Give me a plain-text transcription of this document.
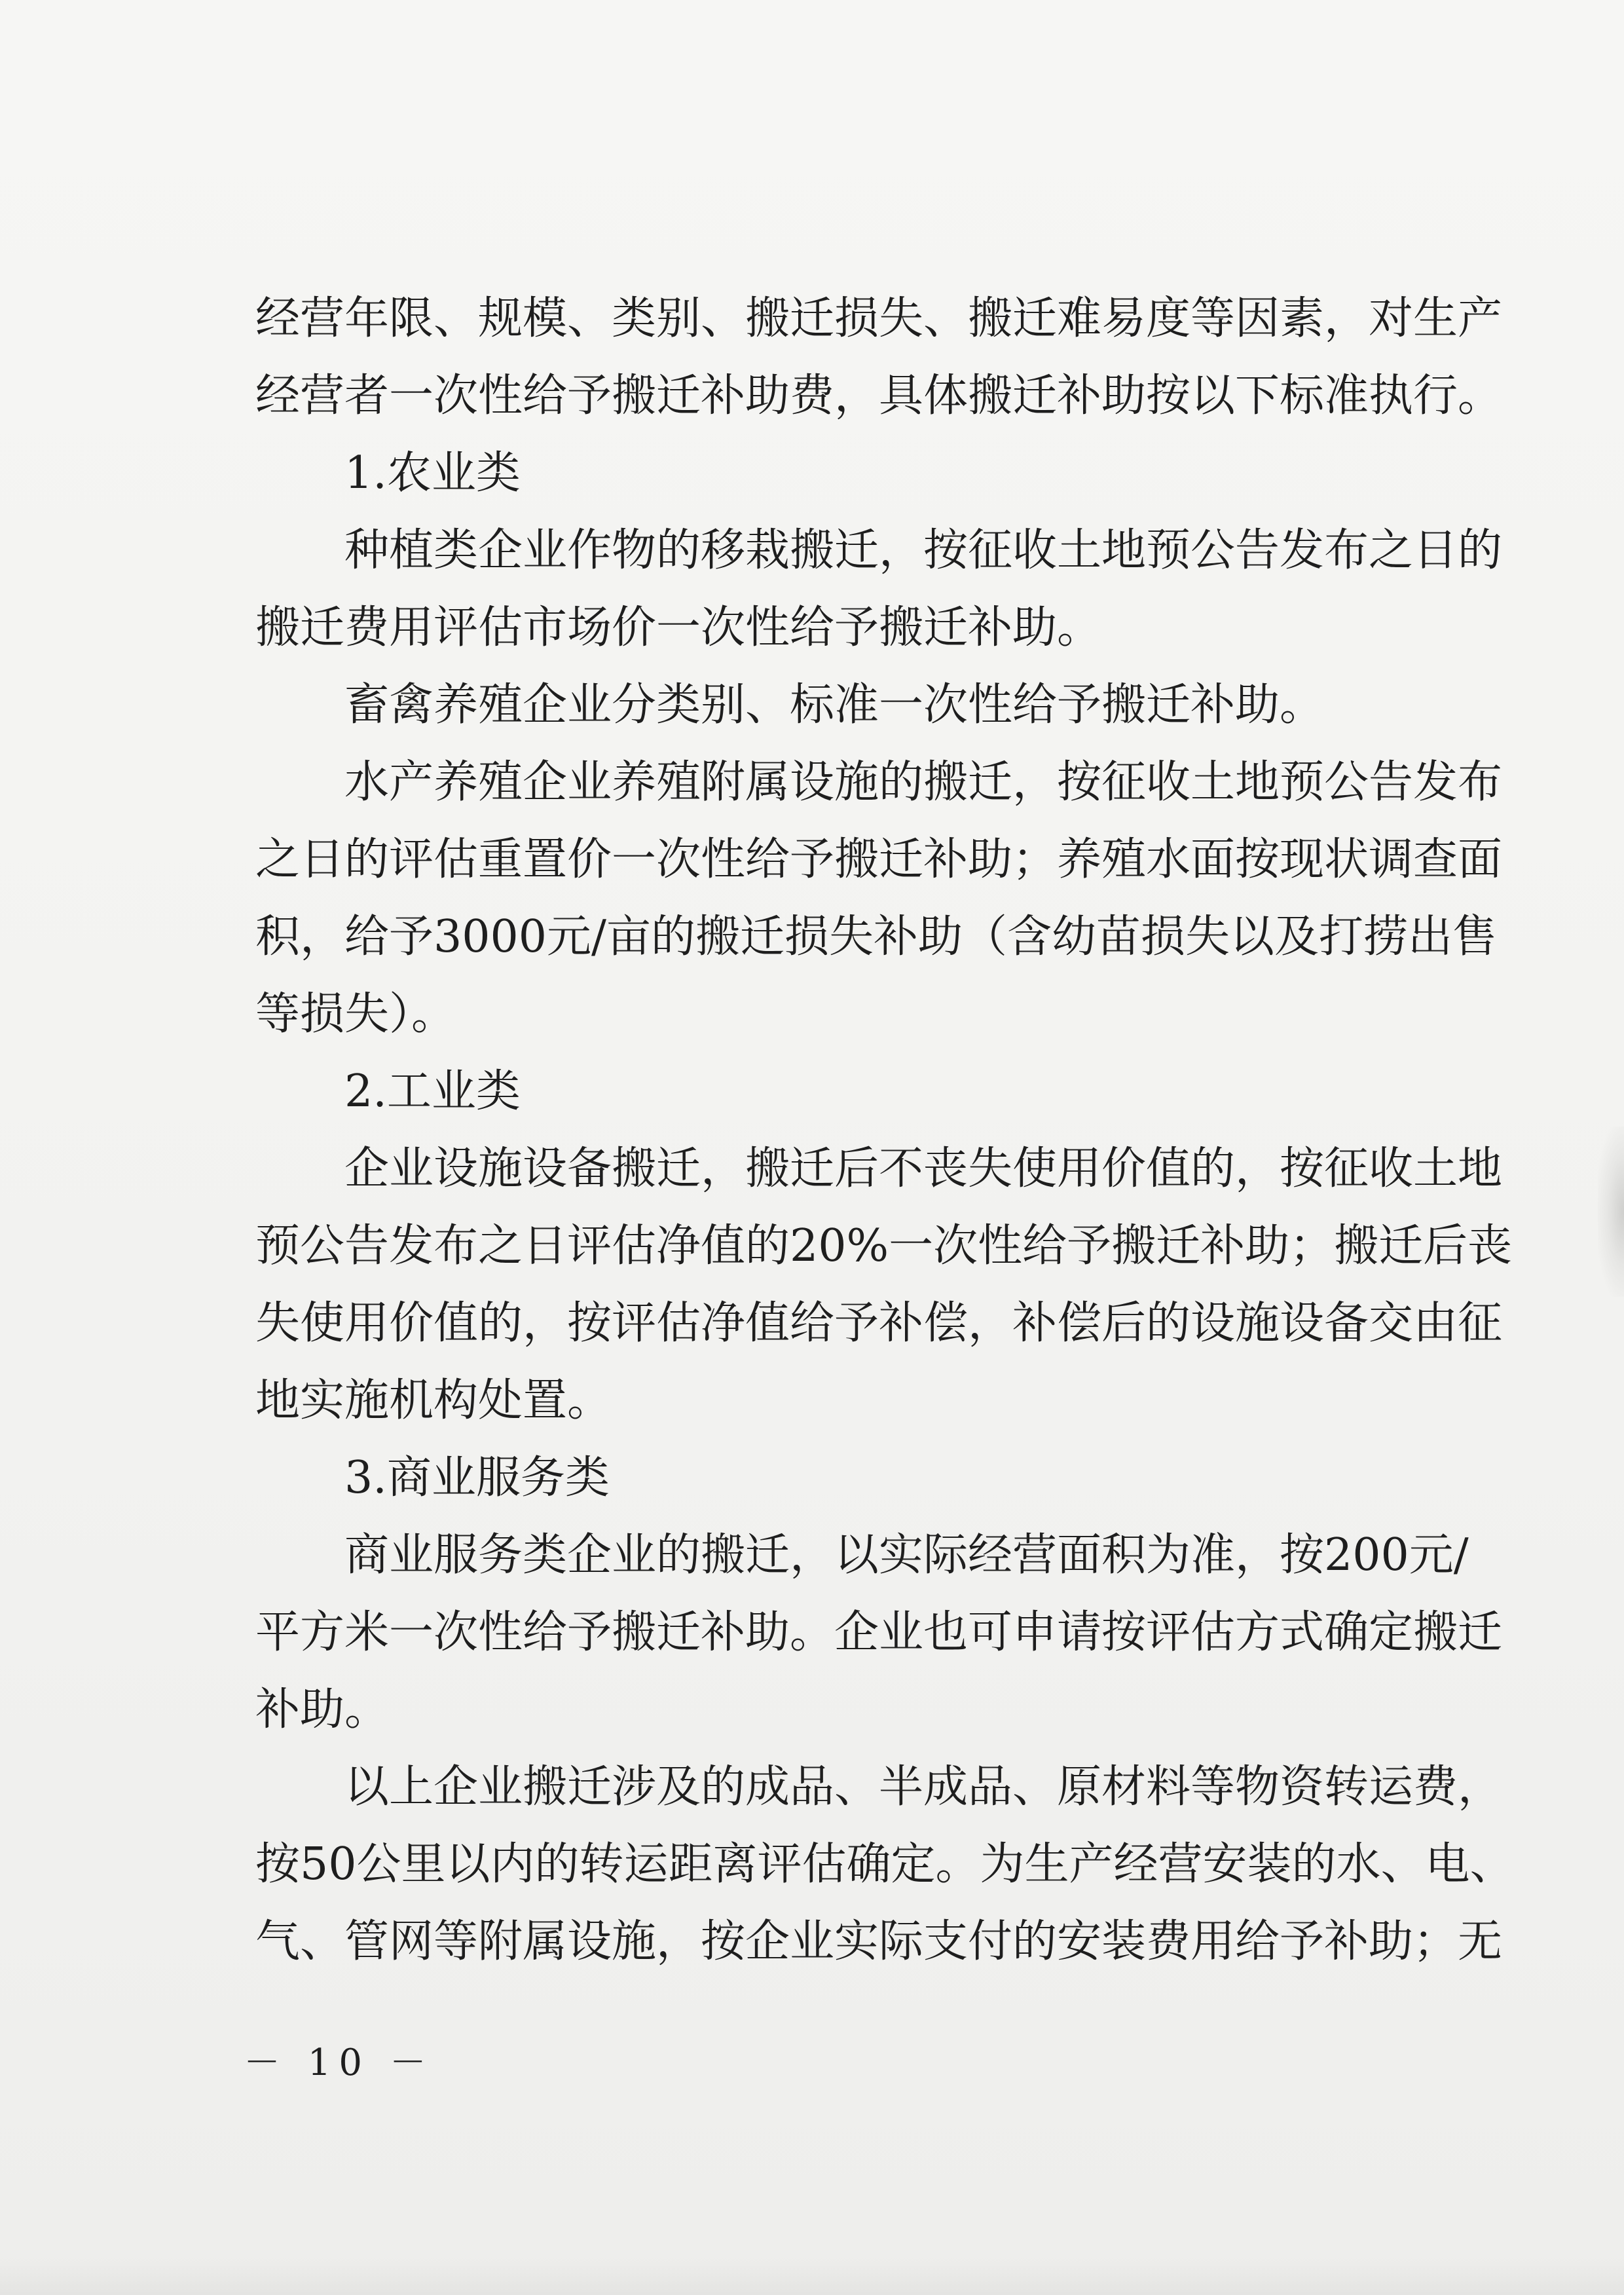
经营年限、规模、类别、搬迁损失、搬迁难易度等因素，对生产
经营者一次性给予搬迁补助费，具体搬迁补助按以下标准执行。
1.农业类
种植类企业作物的移栽搬迁，按征收土地预公告发布之日的
搬迁费用评估市场价一次性给予搬迁补助。
畜禽养殖企业分类别、标准一次性给予搬迁补助。
水产养殖企业养殖附属设施的搬迁，按征收土地预公告发布
之日的评估重置价一次性给予搬迁补助；养殖水面按现状调查面
积，给予3000元/亩的搬迁损失补助（含幼苗损失以及打捞出售
等损失）。
2.工业类
企业设施设备搬迁，搬迁后不丧失使用价值的，按征收土地
预公告发布之日评估净值的20%一次性给予搬迁补助；搬迁后丧
失使用价值的，按评估净值给予补偿，补偿后的设施设备交由征
地实施机构处置。
3.商业服务类
商业服务类企业的搬迁，以实际经营面积为准，按200元/
平方米一次性给予搬迁补助。企业也可申请按评估方式确定搬迁
补助。
以上企业搬迁涉及的成品、半成品、原材料等物资转运费，
按50公里以内的转运距离评估确定。为生产经营安装的水、电、
气、管网等附属设施，按企业实际支付的安装费用给予补助；无
－ 10 －
